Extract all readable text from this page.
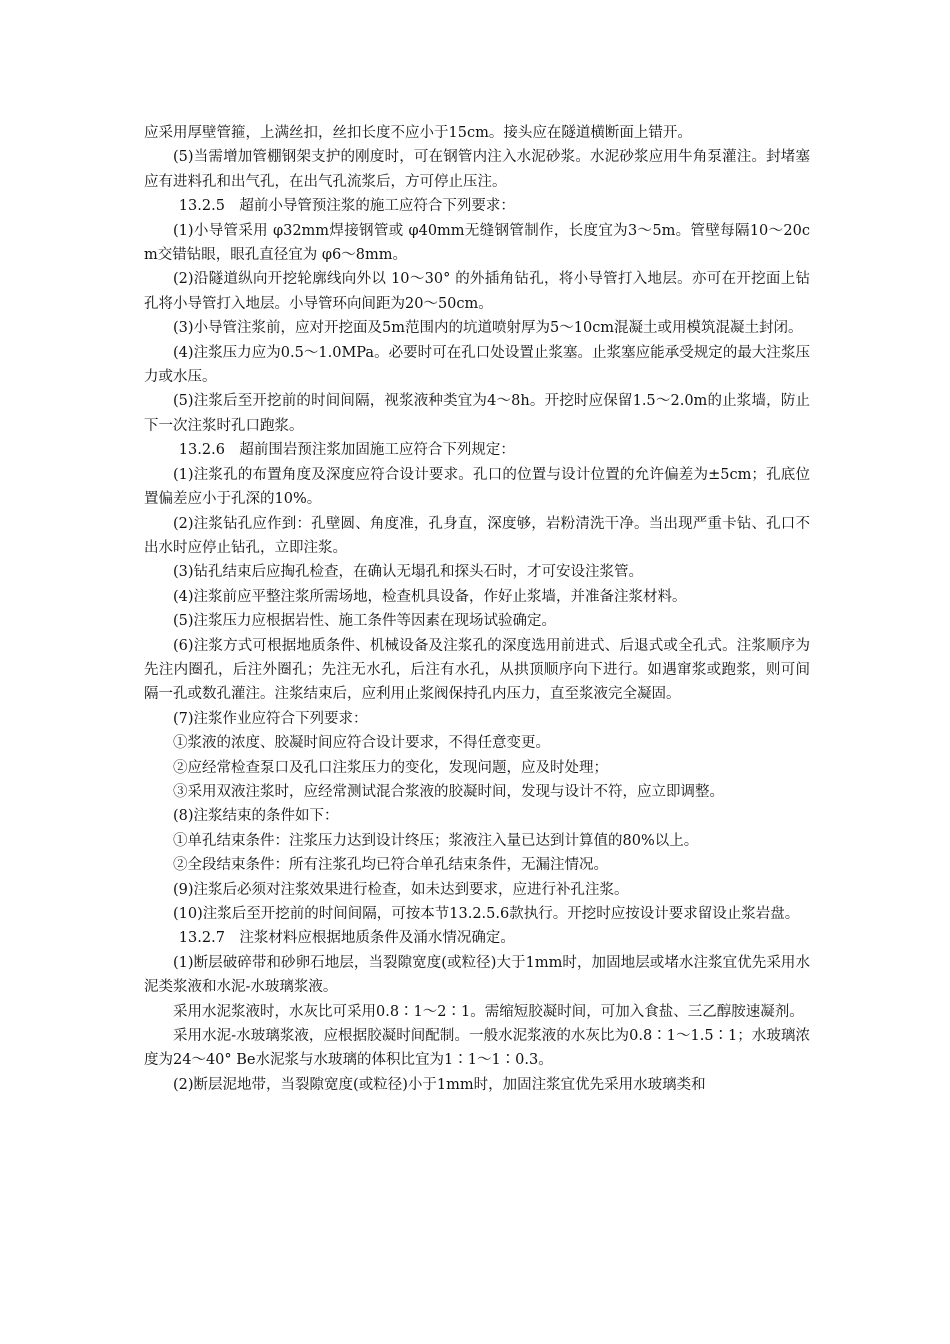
应采用厚壁管箍，上满丝扣，丝扣长度不应小于15cm。接头应在隧道横断面上错开。

(5)当需增加管棚钢架支护的刚度时，可在钢管内注入水泥砂浆。水泥砂浆应用牛角泵灌注。封堵塞应有进料孔和出气孔，在出气孔流浆后，方可停止压注。

13.2.5　超前小导管预注浆的施工应符合下列要求：

(1)小导管采用 φ32mm焊接钢管或 φ40mm无缝钢管制作，长度宜为3～5m。管壁每隔10～20cm交错钻眼，眼孔直径宜为 φ6～8mm。

(2)沿隧道纵向开挖轮廓线向外以 10～30° 的外插角钻孔，将小导管打入地层。亦可在开挖面上钻孔将小导管打入地层。小导管环向间距为20～50cm。

(3)小导管注浆前，应对开挖面及5m范围内的坑道喷射厚为5～10cm混凝土或用模筑混凝土封闭。

(4)注浆压力应为0.5～1.0MPa。必要时可在孔口处设置止浆塞。止浆塞应能承受规定的最大注浆压力或水压。

(5)注浆后至开挖前的时间间隔，视浆液种类宜为4～8h。开挖时应保留1.5～2.0m的止浆墙，防止下一次注浆时孔口跑浆。

13.2.6　超前围岩预注浆加固施工应符合下列规定：

(1)注浆孔的布置角度及深度应符合设计要求。孔口的位置与设计位置的允许偏差为±5cm；孔底位置偏差应小于孔深的10%。

(2)注浆钻孔应作到：孔壁圆、角度准，孔身直，深度够，岩粉清洗干净。当出现严重卡钻、孔口不出水时应停止钻孔，立即注浆。

(3)钻孔结束后应掏孔检查，在确认无塌孔和探头石时，才可安设注浆管。

(4)注浆前应平整注浆所需场地，检查机具设备，作好止浆墙，并准备注浆材料。

(5)注浆压力应根据岩性、施工条件等因素在现场试验确定。

(6)注浆方式可根据地质条件、机械设备及注浆孔的深度选用前进式、后退式或全孔式。注浆顺序为先注内圈孔，后注外圈孔；先注无水孔，后注有水孔，从拱顶顺序向下进行。如遇窜浆或跑浆，则可间隔一孔或数孔灌注。注浆结束后，应利用止浆阀保持孔内压力，直至浆液完全凝固。

(7)注浆作业应符合下列要求：

①浆液的浓度、胶凝时间应符合设计要求，不得任意变更。

②应经常检查泵口及孔口注浆压力的变化，发现问题，应及时处理；

③采用双液注浆时，应经常测试混合浆液的胶凝时间，发现与设计不符，应立即调整。

(8)注浆结束的条件如下：

①单孔结束条件：注浆压力达到设计终压；浆液注入量已达到计算值的80%以上。

②全段结束条件：所有注浆孔均已符合单孔结束条件，无漏注情况。

(9)注浆后必须对注浆效果进行检查，如未达到要求，应进行补孔注浆。

(10)注浆后至开挖前的时间间隔，可按本节13.2.5.6款执行。开挖时应按设计要求留设止浆岩盘。

13.2.7　注浆材料应根据地质条件及涌水情况确定。

(1)断层破碎带和砂卵石地层，当裂隙宽度(或粒径)大于1mm时，加固地层或堵水注浆宜优先采用水泥类浆液和水泥-水玻璃浆液。

采用水泥浆液时，水灰比可采用0.8∶1～2∶1。需缩短胶凝时间，可加入食盐、三乙醇胺速凝剂。

采用水泥-水玻璃浆液，应根据胶凝时间配制。一般水泥浆液的水灰比为0.8∶1～1.5∶1；水玻璃浓度为24～40° Be水泥浆与水玻璃的体积比宜为1∶1～1∶0.3。

(2)断层泥地带，当裂隙宽度(或粒径)小于1mm时，加固注浆宜优先采用水玻璃类和
